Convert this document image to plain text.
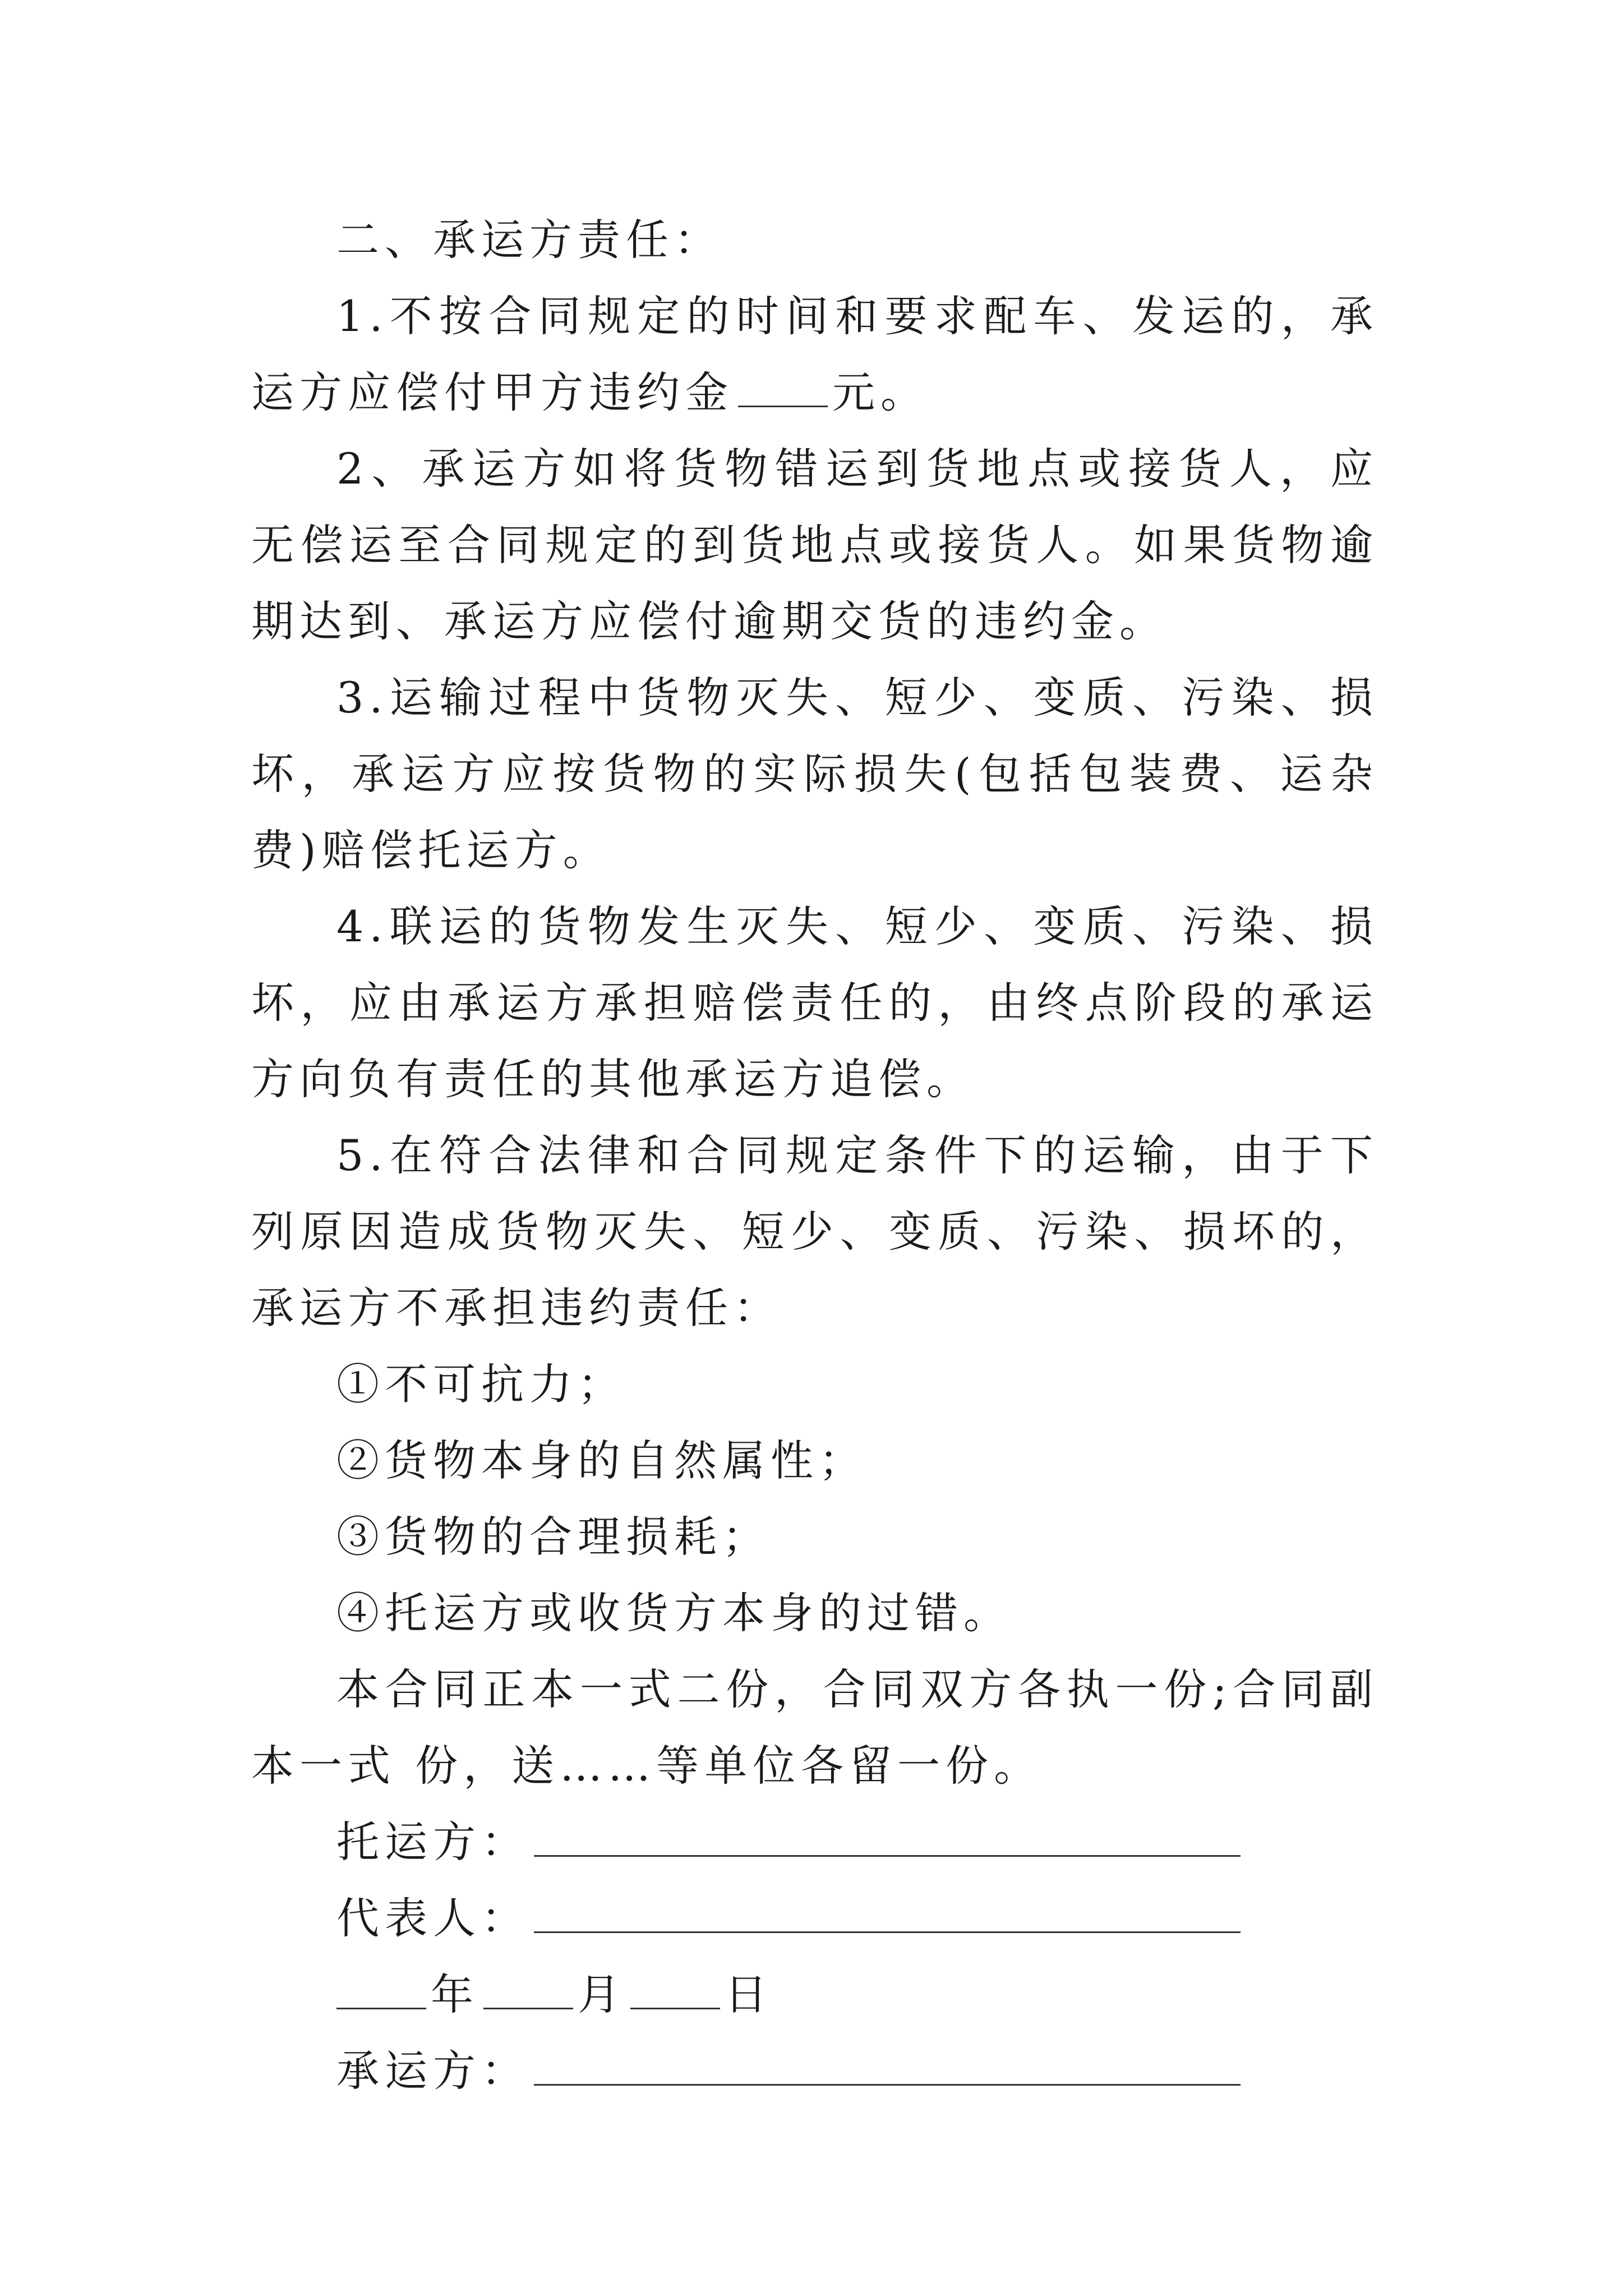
二、承运方责任：

1.不按合同规定的时间和要求配车、发运的，承运方应偿付甲方违约金 元。

2、承运方如将货物错运到货地点或接货人，应无偿运至合同规定的到货地点或接货人。如果货物逾期达到、承运方应偿付逾期交货的违约金。

3.运输过程中货物灭失、短少、变质、污染、损坏，承运方应按货物的实际损失(包括包装费、运杂费)赔偿托运方。

4.联运的货物发生灭失、短少、变质、污染、损坏，应由承运方承担赔偿责任的，由终点阶段的承运方向负有责任的其他承运方追偿。

5.在符合法律和合同规定条件下的运输，由于下列原因造成货物灭失、短少、变质、污染、损坏的，承运方不承担违约责任：

①不可抗力；

②货物本身的自然属性；

③货物的合理损耗；

④托运方或收货方本身的过错。

本合同正本一式二份，合同双方各执一份;合同副本一式 份，送……等单位各留一份。

托运方：

代表人：

年 月 日

承运方：
